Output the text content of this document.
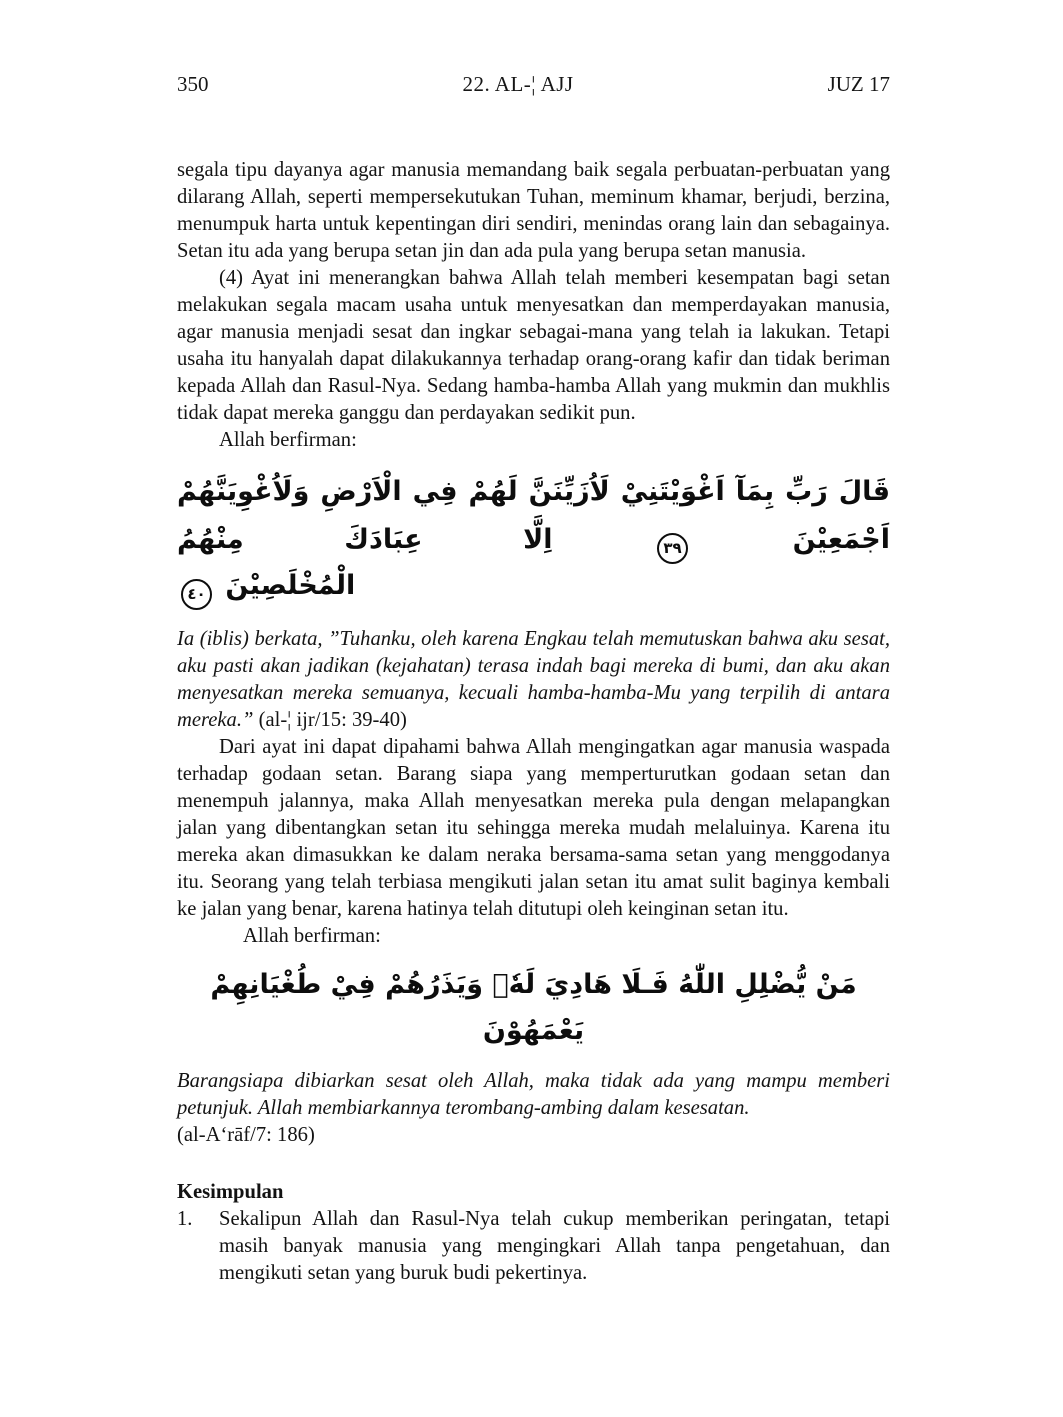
350	22. AL-¦ AJJ	JUZ 17

segala tipu dayanya agar manusia memandang baik segala perbuatan-perbuatan yang dilarang Allah, seperti mempersekutukan Tuhan, meminum khamar, berjudi, berzina, menumpuk harta untuk kepentingan diri sendiri, menindas orang lain dan sebagainya. Setan itu ada yang berupa setan jin dan ada pula yang berupa setan manusia.

(4) Ayat ini menerangkan bahwa Allah telah memberi kesempatan bagi setan melakukan segala macam usaha untuk menyesatkan dan memperdayakan manusia, agar manusia menjadi sesat dan ingkar sebagai-mana yang telah ia lakukan. Tetapi usaha itu hanyalah dapat dilakukannya terhadap orang-orang kafir dan tidak beriman kepada Allah dan Rasul-Nya. Sedang hamba-hamba Allah yang mukmin dan mukhlis tidak dapat mereka ganggu dan perdayakan sedikit pun.

Allah berfirman:

قَالَ رَبِّ بِمَآ اَغْوَيْتَنِيْ لَاُزَيِّنَنَّ لَهُمْ فِي الْاَرْضِ وَلَاُغْوِيَنَّهُمْ اَجْمَعِيْنَ ٣٩ اِلَّا عِبَادَكَ مِنْهُمُ
الْمُخْلَصِيْنَ ٤٠

Ia (iblis) berkata, ”Tuhanku, oleh karena Engkau telah memutuskan bahwa aku sesat, aku pasti akan jadikan (kejahatan) terasa indah bagi mereka di bumi, dan aku akan menyesatkan mereka semuanya, kecuali hamba-hamba-Mu yang terpilih di antara mereka.” (al-¦ ijr/15: 39-40)

Dari ayat ini dapat dipahami bahwa Allah mengingatkan agar manusia waspada terhadap godaan setan. Barang siapa yang memperturutkan godaan setan dan menempuh jalannya, maka Allah menyesatkan mereka pula dengan melapangkan jalan yang dibentangkan setan itu sehingga mereka mudah melaluinya. Karena itu mereka akan dimasukkan ke dalam neraka bersama-sama setan yang menggodanya itu. Seorang yang telah terbiasa mengikuti jalan setan itu amat sulit baginya kembali ke jalan yang benar, karena hatinya telah ditutupi oleh keinginan setan itu.

Allah berfirman:

مَنْ يُّضْلِلِ اللّٰهُ فَـلَا هَادِيَ لَهٗۖ وَيَذَرُهُمْ فِيْ طُغْيَانِهِمْ يَعْمَهُوْنَ

Barangsiapa dibiarkan sesat oleh Allah, maka tidak ada yang mampu memberi petunjuk. Allah membiarkannya terombang-ambing dalam kesesatan.
(al-A‘rāf/7: 186)

Kesimpulan

1.	Sekalipun Allah dan Rasul-Nya telah cukup memberikan peringatan, tetapi masih banyak manusia yang mengingkari Allah tanpa pengetahuan, dan mengikuti setan yang buruk budi pekertinya.
